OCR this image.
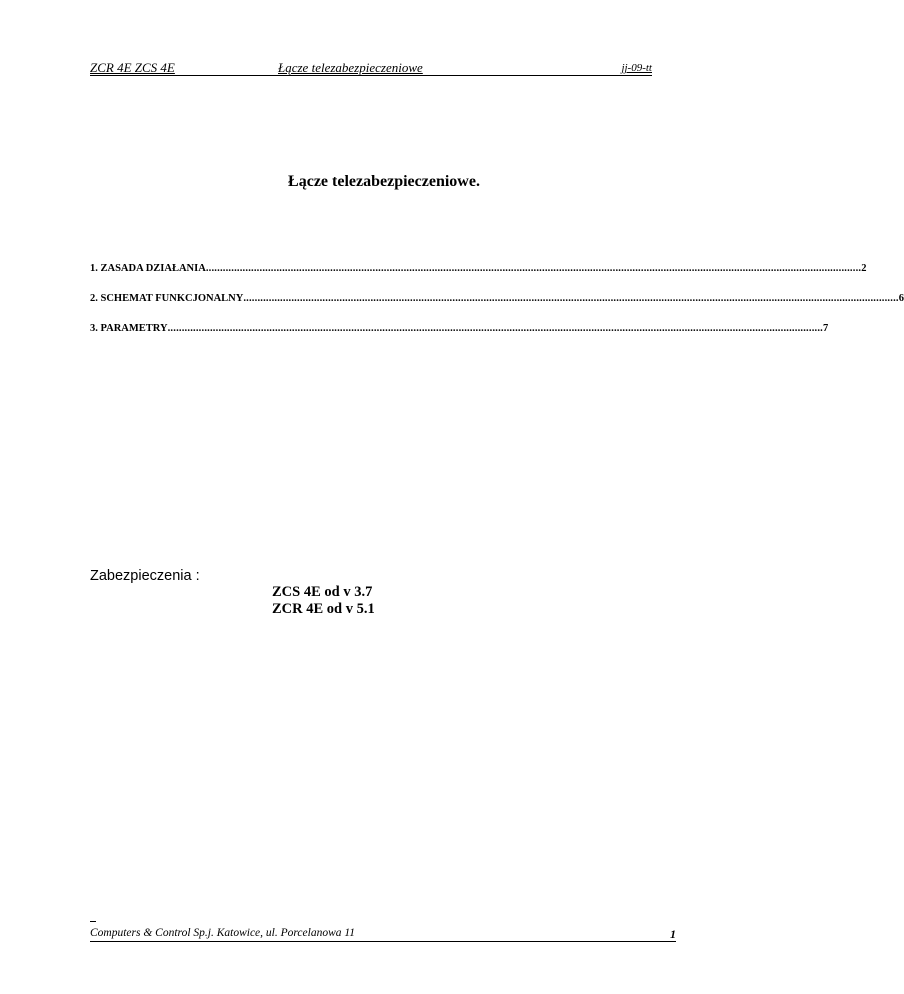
ZCR 4E ZCS 4E	Łącze telezabezpieczeniowe	jj-09-tt
Łącze telezabezpieczeniowe.
1. ZASADA DZIAŁANIA ........................................................................................................................................................................................................................................ 2
2. SCHEMAT FUNKCJONALNY ........................................................................................................................................................................................................................................ 6
3. PARAMETRY ........................................................................................................................................................................................................................................ 7
Zabezpieczenia :
ZCS 4E od v 3.7
ZCR 4E od v 5.1
Computers & Control Sp.j. Katowice, ul. Porcelanowa 11	1
